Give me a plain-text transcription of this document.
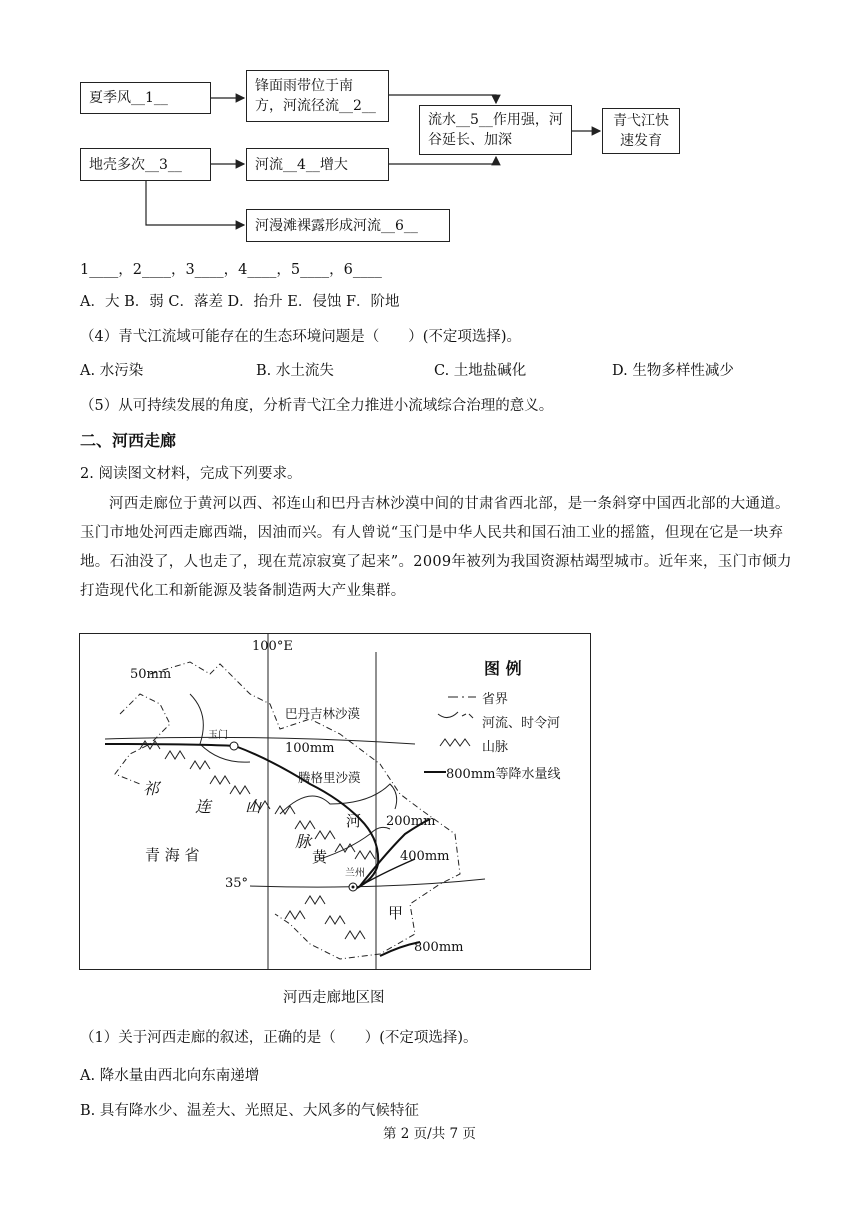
夏季风__1__
锋面雨带位于南方，河流径流__2__
地壳多次__3__	河流__4__增大
河漫滩裸露形成河流__6__
流水__5__作用强，河谷延长、加深
青弋江快速发育
1____，2____，3____，4____，5____，6____
A．大 B．弱 C．落差 D．抬升 E．侵蚀 F．阶地
（4）青弋江流域可能存在的生态环境问题是（　　）(不定项选择)。
A. 水污染	B. 水土流失	C. 土地盐碱化	D. 生物多样性减少
（5）从可持续发展的角度，分析青弋江全力推进小流域综合治理的意义。
二、河西走廊
2. 阅读图文材料，完成下列要求。
河西走廊位于黄河以西、祁连山和巴丹吉林沙漠中间的甘肃省西北部，是一条斜穿中国西北部的大通道。玉门市地处河西走廊西端，因油而兴。有人曾说“玉门是中华人民共和国石油工业的摇篮，但现在它是一块弃地。石油没了，人也走了，现在荒凉寂寞了起来”。2009年被列为我国资源枯竭型城市。近年来，玉门市倾力打造现代化工和新能源及装备制造两大产业集群。
100°E
50mm
巴丹吉林沙漠
玉门
100mm
腾格里沙漠
祁
连 山
脉
河 200mm
黄
青 海 省	400mm
兰州
35°
甲
800mm
图 例
省界
河流、时令河
山脉
800mm等降水量线
河西走廊地区图
（1）关于河西走廊的叙述，正确的是（　　）(不定项选择)。
A. 降水量由西北向东南递增
B. 具有降水少、温差大、光照足、大风多的气候特征
第 2 页/共 7 页
